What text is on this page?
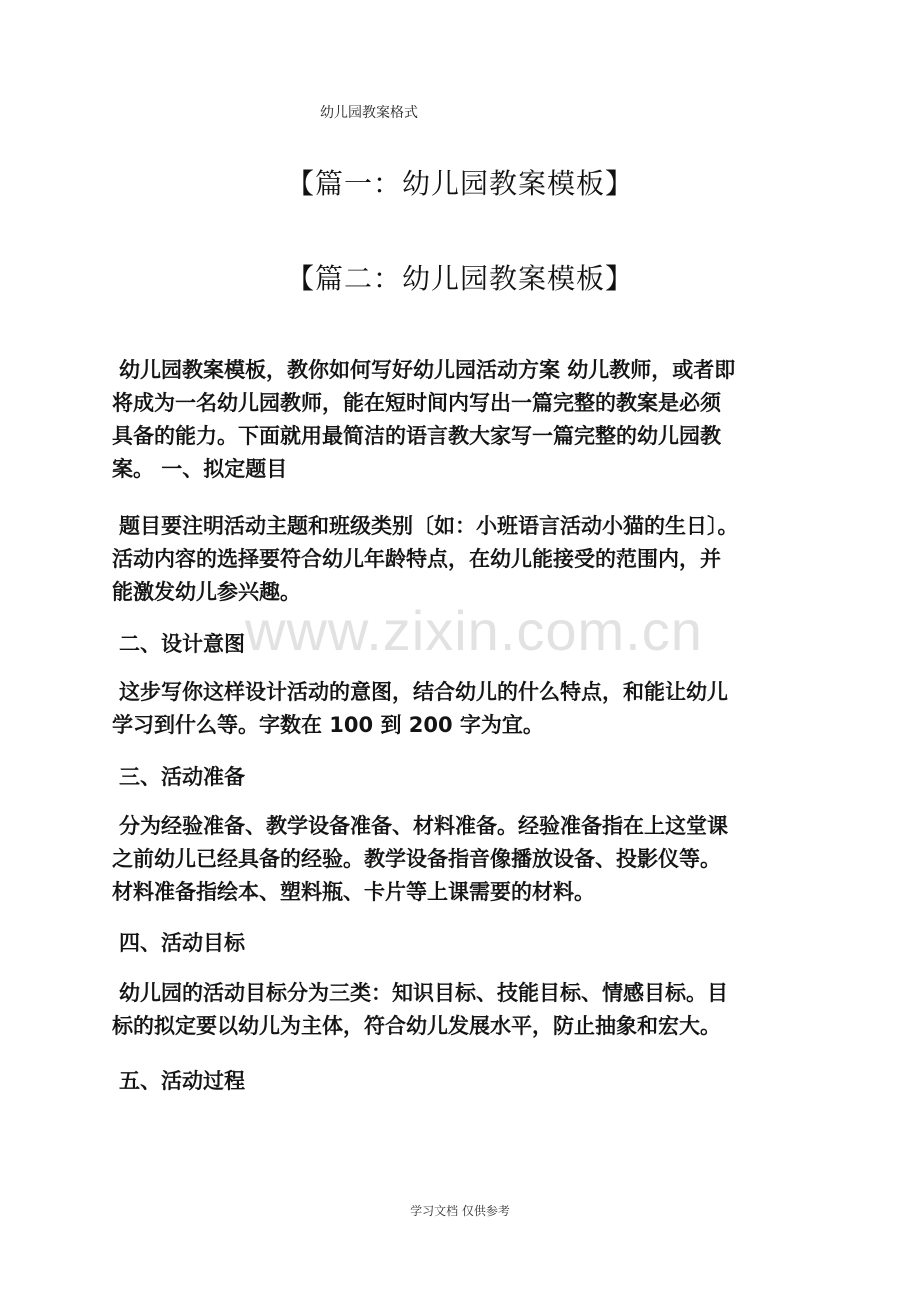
www.zixin.com.cn
幼儿园教案格式
【篇一：幼儿园教案模板】
【篇二：幼儿园教案模板】
幼儿园教案模板，教你如何写好幼儿园活动方案 幼儿教师，或者即
将成为一名幼儿园教师，能在短时间内写出一篇完整的教案是必须
具备的能力。下面就用最简洁的语言教大家写一篇完整的幼儿园教
案。 一、拟定题目
题目要注明活动主题和班级类别〔如：小班语言活动小猫的生日〕。
活动内容的选择要符合幼儿年龄特点，在幼儿能接受的范围内，并
能激发幼儿参兴趣。
二、设计意图
这步写你这样设计活动的意图，结合幼儿的什么特点，和能让幼儿
学习到什么等。字数在 100 到 200 字为宜。
三、活动准备
分为经验准备、教学设备准备、材料准备。经验准备指在上这堂课
之前幼儿已经具备的经验。教学设备指音像播放设备、投影仪等。
材料准备指绘本、塑料瓶、卡片等上课需要的材料。
四、活动目标
幼儿园的活动目标分为三类：知识目标、技能目标、情感目标。目
标的拟定要以幼儿为主体，符合幼儿发展水平，防止抽象和宏大。
五、活动过程
学习文档 仅供参考
